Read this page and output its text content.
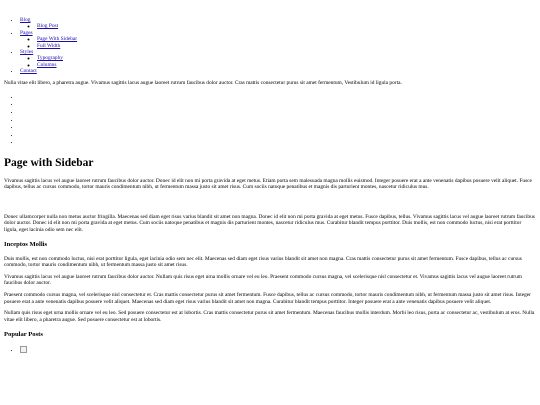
• Blog
◦ Blog Post
• Pages
◦ Page With Sidebar
◦ Full Width
• Styles
◦ Typography
◦ Columns
• Contact

Nulla vitae elit libero, a pharetra augue. Vivamus sagittis lacus augue laoreet rutrum faucibus dolor auctor. Cras mattis consectetur purus sit amet fermentum, Vestibulum id ligula porta.

•
•
•
•
•
•
•
Page with Sidebar

Vivamus sagittis lacus vel augue laoreet rutrum faucibus dolor auctor. Donec id elit non mi porta gravida at eget metus. Etiam porta sem malesuada magna mollis euismod. Integer posuere erat a ante venenatis dapibus posuere velit aliquet. Fusce dapibus, tellus ac cursus commodo, tortor mauris condimentum nibh, ut fermentum massa justo sit amet risus. Cum sociis natoque penatibus et magnis dis parturient montes, nascetur ridiculus mus.

Donec ullamcorper nulla non metus auctor fringilla. Maecenas sed diam eget risus varius blandit sit amet non magna. Donec id elit non mi porta gravida at eget metus. Fusce dapibus, tellus. Vivamus sagittis lacus vel augue laoreet rutrum faucibus dolor auctor. Donec id elit non mi porta gravida at eget metus. Cum sociis natoque penatibus et magnis dis parturient montes, nascetur ridiculus mus. Curabitur blandit tempus porttitor. Duis mollis, est non commodo luctus, nisi erat porttitor ligula, eget lacinia odio sem nec elit.

Inceptos Mollis

Duis mollis, est non commodo luctus, nisi erat porttitor ligula, eget lacinia odio sem nec elit. Maecenas sed diam eget risus varius blandit sit amet non magna. Cras mattis consectetur purus sit amet fermentum. Fusce dapibus, tellus ac cursus commodo, tortor mauris condimentum nibh, ut fermentum massa justo sit amet risus.

Vivamus sagittis lacus vel augue laoreet rutrum faucibus dolor auctor. Nullam quis risus eget urna mollis ornare vel eu leo. Praesent commodo cursus magna, vel scelerisque nisl consectetur et. Vivamus sagittis lacus vel augue laoreet rutrum faucibus dolor auctor.

Praesent commodo cursus magna, vel scelerisque nisl consectetur et. Cras mattis consectetur purus sit amet fermentum. Fusce dapibus, tellus ac cursus commodo, tortor mauris condimentum nibh, ut fermentum massa justo sit amet risus. Integer posuere erat a ante venenatis dapibus posuere velit aliquet. Maecenas sed diam eget risus varius blandit sit amet non magna. Curabitur blandit tempus porttitor. Integer posuere erat a ante venenatis dapibus posuere velit aliquet.

Nullam quis risus eget urna mollis ornare vel eu leo. Sed posuere consectetur est at lobortis. Cras mattis consectetur purus sit amet fermentum. Maecenas faucibus mollis interdum. Morbi leo risus, porta ac consectetur ac, vestibulum at eros. Nulla vitae elit libero, a pharetra augue. Sed posuere consectetur est at lobortis.

Popular Posts
•
